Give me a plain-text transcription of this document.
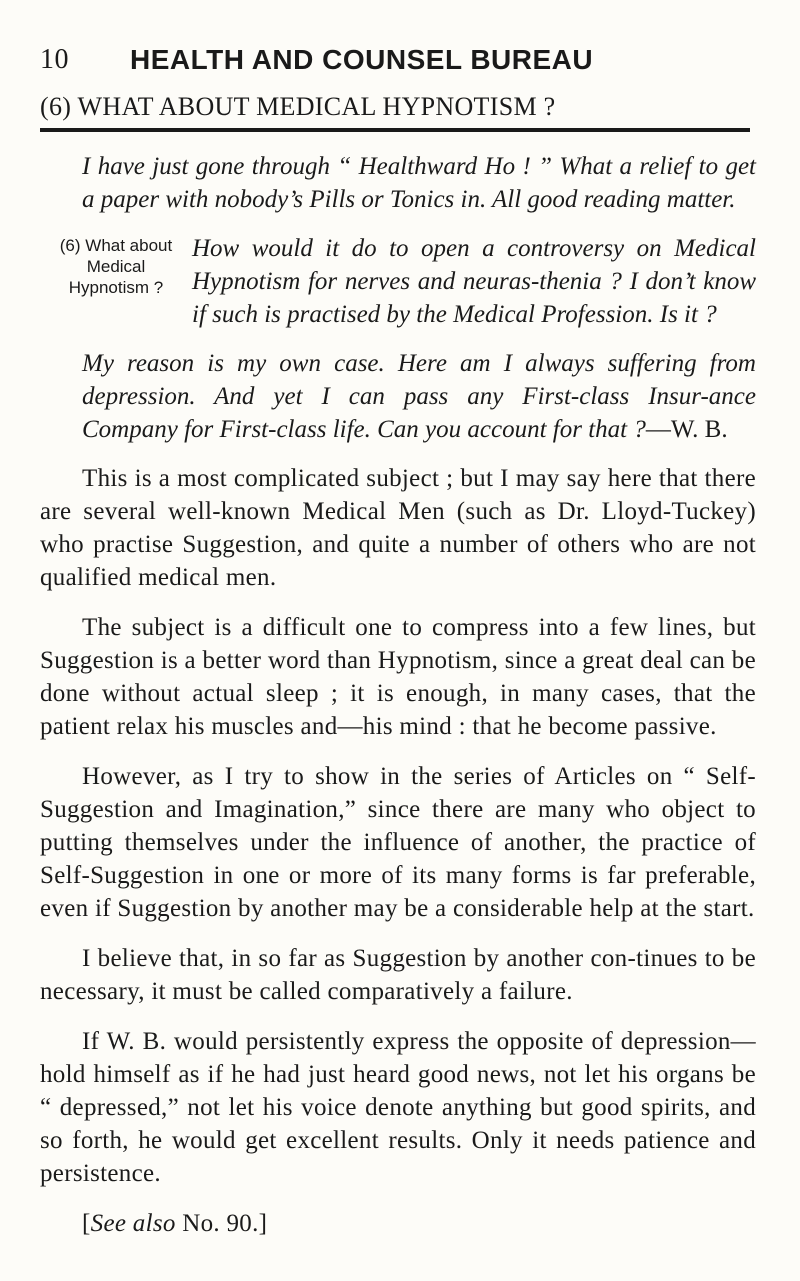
10 HEALTH AND COUNSEL BUREAU
(6) WHAT ABOUT MEDICAL HYPNOTISM ?

I have just gone through “ Healthward Ho ! ” What a relief to get a paper with nobody’s Pills or Tonics in. All good reading matter.

(6) What about
Medical
Hypnotism ?

How would it do to open a controversy on Medical Hypnotism for nerves and neuras-thenia ? I don’t know if such is practised by the Medical Profession. Is it ?

My reason is my own case. Here am I always suffering from depression. And yet I can pass any First-class Insur-ance Company for First-class life. Can you account for that ?—W. B.

This is a most complicated subject ; but I may say here that there are several well-known Medical Men (such as Dr. Lloyd-Tuckey) who practise Suggestion, and quite a number of others who are not qualified medical men.

The subject is a difficult one to compress into a few lines, but Suggestion is a better word than Hypnotism, since a great deal can be done without actual sleep ; it is enough, in many cases, that the patient relax his muscles and—his mind : that he become passive.

However, as I try to show in the series of Articles on “ Self-Suggestion and Imagination,” since there are many who object to putting themselves under the influence of another, the practice of Self-Suggestion in one or more of its many forms is far preferable, even if Suggestion by another may be a considerable help at the start.

I believe that, in so far as Suggestion by another con-tinues to be necessary, it must be called comparatively a failure.

If W. B. would persistently express the opposite of depression—hold himself as if he had just heard good news, not let his organs be “ depressed,” not let his voice denote anything but good spirits, and so forth, he would get excellent results. Only it needs patience and persistence.

[See also No. 90.]
